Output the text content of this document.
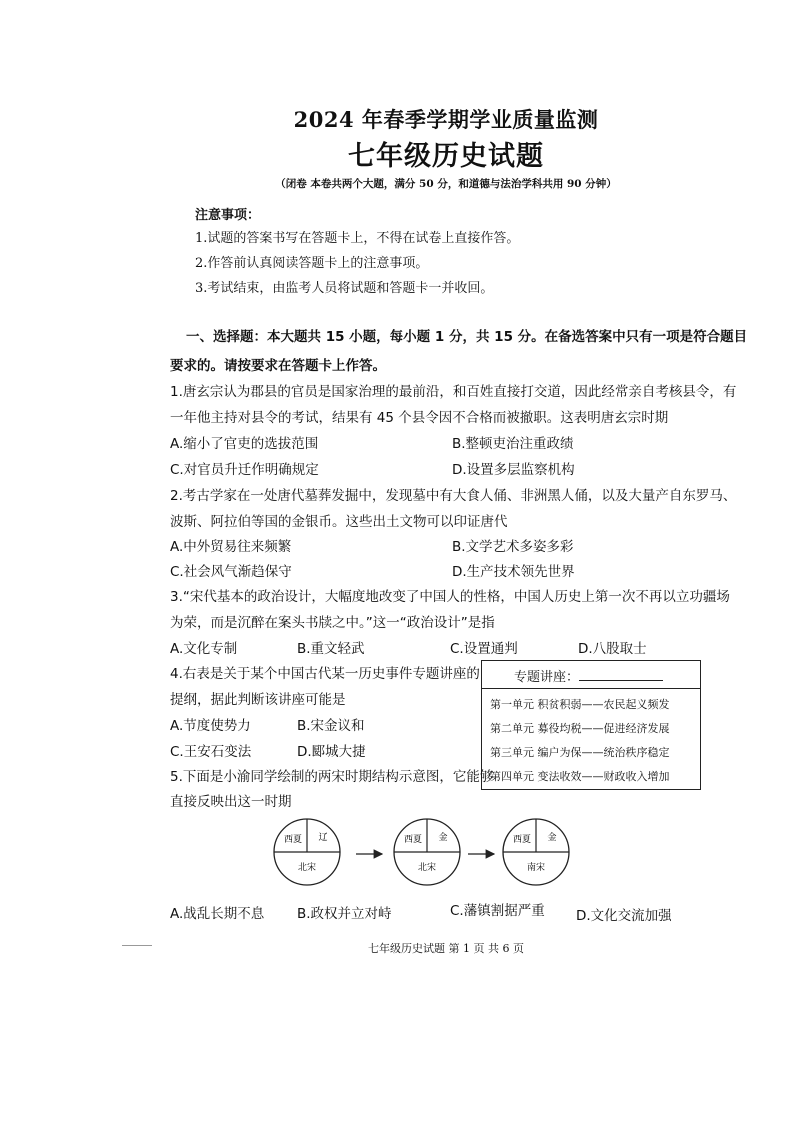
2024 年春季学期学业质量监测
七年级历史试题
（闭卷 本卷共两个大题，满分 50 分，和道德与法治学科共用 90 分钟）
注意事项：
1.试题的答案书写在答题卡上，不得在试卷上直接作答。
2.作答前认真阅读答题卡上的注意事项。
3.考试结束，由监考人员将试题和答题卡一并收回。
一、选择题：本大题共 15 小题，每小题 1 分，共 15 分。在备选答案中只有一项是符合题目
要求的。请按要求在答题卡上作答。
1.唐玄宗认为郡县的官员是国家治理的最前沿，和百姓直接打交道，因此经常亲自考核县令，有
一年他主持对县令的考试，结果有 45 个县令因不合格而被撤职。这表明唐玄宗时期
A.缩小了官吏的选拔范围	B.整顿吏治注重政绩
C.对官员升迁作明确规定	D.设置多层监察机构
2.考古学家在一处唐代墓葬发掘中，发现墓中有大食人俑、非洲黑人俑，以及大量产自东罗马、
波斯、阿拉伯等国的金银币。这些出土文物可以印证唐代
A.中外贸易往来频繁	B.文学艺术多姿多彩
C.社会风气渐趋保守	D.生产技术领先世界
3.“宋代基本的政治设计，大幅度地改变了中国人的性格，中国人历史上第一次不再以立功疆场
为荣，而是沉醉在案头书牍之中。”这一“政治设计”是指
A.文化专制	B.重文轻武	C.设置通判	D.八股取士
4.右表是关于某个中国古代某一历史事件专题讲座的
提纲，据此判断该讲座可能是
A.节度使势力	B.宋金议和
C.王安石变法	D.郾城大捷
专题讲座：
第一单元 积贫积弱——农民起义频发
第二单元 募役均税——促进经济发展
第三单元 编户为保——统治秩序稳定
第四单元 变法收效——财政收入增加
5.下面是小渝同学绘制的两宋时期结构示意图，它能够
直接反映出这一时期
西夏 辽
北宋
西夏 金
北宋
西夏 金
南宋
A.战乱长期不息 B.政权并立对峙	C.藩镇割据严重 D.文化交流加强
七年级历史试题 第 1 页 共 6 页
